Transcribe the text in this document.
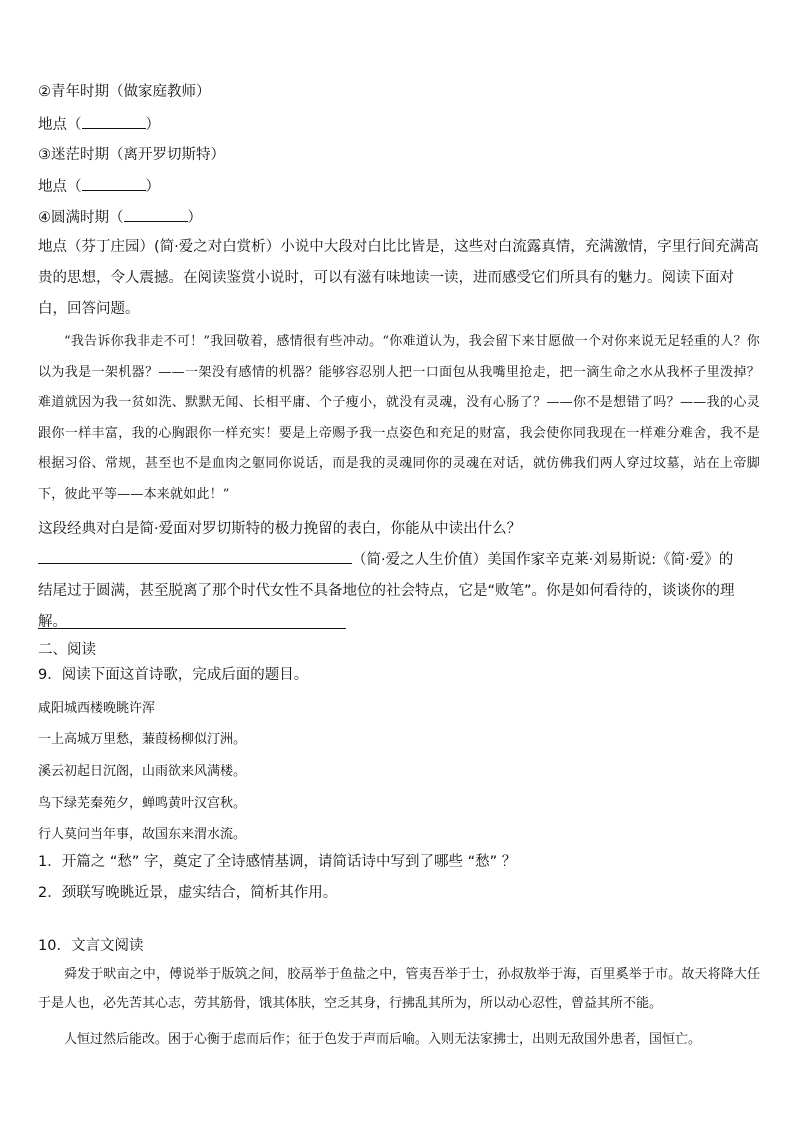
②青年时期（做家庭教师）
地点（	）
③迷茫时期（离开罗切斯特）
地点（	）
④圆满时期（	）
地点（芬丁庄园）(简·爱之对白赏析）小说中大段对白比比皆是，这些对白流露真情，充满激情，字里行间充满高贵的思想，令人震撼。在阅读鉴赏小说时，可以有滋有味地读一读，进而感受它们所具有的魅力。阅读下面对白，回答问题。
“我告诉你我非走不可！”我回敬着，感情很有些冲动。“你难道认为，我会留下来甘愿做一个对你来说无足轻重的人？你以为我是一架机器？——一架没有感情的机器？能够容忍别人把一口面包从我嘴里抢走，把一滴生命之水从我杯子里泼掉？难道就因为我一贫如洗、默默无闻、长相平庸、个子瘦小，就没有灵魂，没有心肠了？——你不是想错了吗？——我的心灵跟你一样丰富，我的心胸跟你一样充实！要是上帝赐予我一点姿色和充足的财富，我会使你同我现在一样难分难舍，我不是根据习俗、常规，甚至也不是血肉之躯同你说话，而是我的灵魂同你的灵魂在对话，就仿佛我们两人穿过坟墓，站在上帝脚下，彼此平等——本来就如此！”
这段经典对白是简·爱面对罗切斯特的极力挽留的表白，你能从中读出什么？
（简·爱之人生价值）美国作家辛克莱·刘易斯说:《简·爱》的
结尾过于圆满，甚至脱离了那个时代女性不具备地位的社会特点，它是“败笔”。你是如何看待的，谈谈你的理解。
二、阅读
9．阅读下面这首诗歌，完成后面的题目。
咸阳城西楼晚眺许浑
一上高城万里愁，蒹葭杨柳似汀洲。
溪云初起日沉阁，山雨欲来风满楼。
鸟下绿芜秦苑夕，蝉鸣黄叶汉宫秋。
行人莫问当年事，故国东来渭水流。
1．开篇之 “愁” 字，奠定了全诗感情基调，请简话诗中写到了哪些 “愁” ？
2．颈联写晚眺近景，虚实结合，简析其作用。
10．文言文阅读
舜发于畎亩之中，傅说举于版筑之间，胶鬲举于鱼盐之中，管夷吾举于士，孙叔敖举于海，百里奚举于市。故天将降大任于是人也，必先苦其心志，劳其筋骨，饿其体肤，空乏其身，行拂乱其所为，所以动心忍性，曾益其所不能。
人恒过然后能改。困于心衡于虑而后作；征于色发于声而后喻。入则无法家拂士，出则无敌国外患者，国恒亡。
